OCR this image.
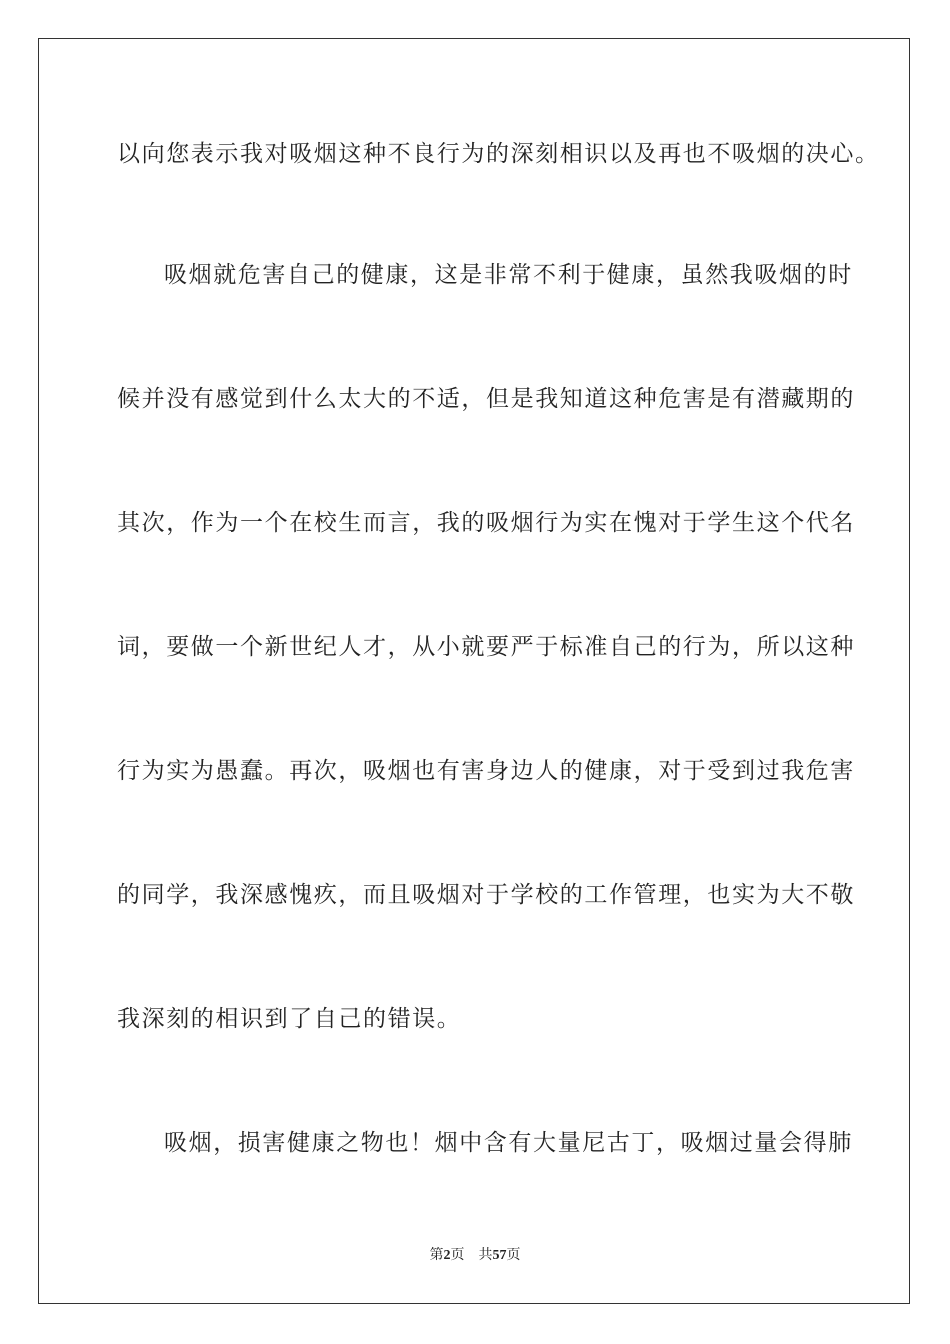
以向您表示我对吸烟这种不良行为的深刻相识以及再也不吸烟的决心。
吸烟就危害自己的健康，这是非常不利于健康，虽然我吸烟的时
候并没有感觉到什么太大的不适，但是我知道这种危害是有潜藏期的
其次，作为一个在校生而言，我的吸烟行为实在愧对于学生这个代名
词，要做一个新世纪人才，从小就要严于标准自己的行为，所以这种
行为实为愚蠢。再次，吸烟也有害身边人的健康，对于受到过我危害
的同学，我深感愧疚，而且吸烟对于学校的工作管理，也实为大不敬
我深刻的相识到了自己的错误。
吸烟，损害健康之物也！烟中含有大量尼古丁，吸烟过量会得肺
第2页 共57页
